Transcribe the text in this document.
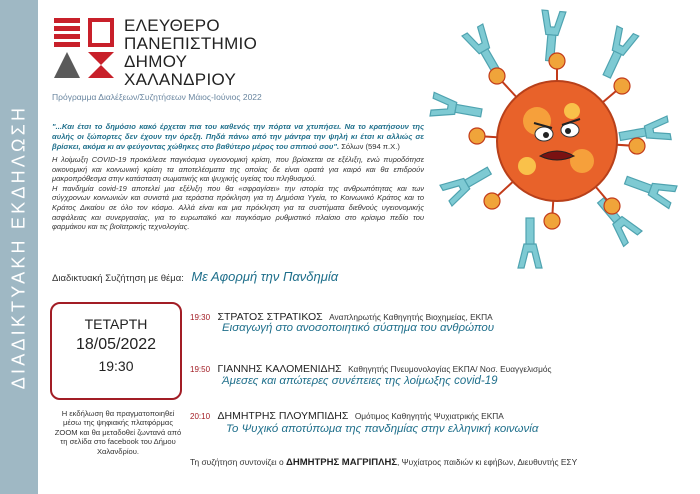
ΔΙΑΔΙΚΤΥΑΚΗ ΕΚΔΗΛΩΣΗ
ΕΛΕΥΘΕΡΟ
ΠΑΝΕΠΙΣΤΗΜΙΟ
ΔΗΜΟΥ
ΧΑΛΑΝΔΡΙΟΥ
Πρόγραμμα Διαλέξεων/Συζητήσεων Μάιος-Ιούνιος 2022
"...Και έτσι το δημόσιο κακό έρχεται πια του καθενός την πόρτα να χτυπήσει. Να το κρατήσουν της αυλής οι ξώπορτες δεν έχουν την όρεξη. Πηδά πάνω από την μάντρα την ψηλή κι έτσι κι αλλιώς σε βρίσκει, ακόμα κι αν φεύγοντας χώθηκες στο βαθύτερο μέρος του σπιτιού σου". Σόλων (594 π.Χ.)

Η λοίμωξη COVID-19 προκάλεσε παγκόσμια υγειονομική κρίση, που βρίσκεται σε εξέλιξη, ενώ πυροδότησε οικονομική και κοινωνική κρίση τα αποτελέσματα της οποίας δε είναι ορατά για καιρό και θα επιδρούν μακροπρόθεσμα στην κατάσταση σωματικής και ψυχικής υγείας του πληθυσμού.

Η πανδημία covid-19 αποτελεί μια εξέλιξη που θα «σφραγίσει» την ιστορία της ανθρωπότητας και των σύγχρονων κοινωνιών και συνιστά μια τεράστια πρόκληση για τη Δημόσια Υγεία, το Κοινωνικό Κράτος και το Κράτος Δικαίου σε όλο τον κόσμο. Αλλά είναι και μια πρόκληση για τα συστήματα διεθνούς υγειονομικής ασφάλειας και συνεργασίας, για το ευρωπαϊκό και παγκόσμιο ρυθμιστικό πλαίσιο στο κρίσιμο πεδίο του φαρμάκου και τις βιοϊατρικής τεχνολογίας.

Διαδικτυακή Συζήτηση με θέμα: Με Αφορμή την Πανδημία
ΤΕΤΑΡΤΗ
18/05/2022
19:30
Η εκδήλωση θα πραγματοποιηθεί μέσω της ψηφιακής πλατφόρμας ZOOM και θα μεταδοθεί ζωντανά από τη σελίδα στο facebook του Δήμου Χαλανδρίου.
19:30 ΣΤΡΑΤΟΣ ΣΤΡΑΤΙΚΟΣ Αναπληρωτής Καθηγητής Βιοχημείας, ΕΚΠΑ
Εισαγωγή στο ανοσοποιητικό σύστημα του ανθρώπου
19:50 ΓΙΑΝΝΗΣ ΚΑΛΟΜΕΝΙΔΗΣ Καθηγητής Πνευμονολογίας ΕΚΠΑ/ Νοσ. Ευαγγελισμός
Άμεσες και απώτερες συνέπειες της λοίμωξης covid-19
20:10 ΔΗΜΗΤΡΗΣ ΠΛΟΥΜΠΙΔΗΣ Ομότιμος Καθηγητής Ψυχιατρικής ΕΚΠΑ
Το Ψυχικό αποτύπωμα της πανδημίας στην ελληνική κοινωνία
Τη συζήτηση συντονίζει ο ΔΗΜΗΤΡΗΣ ΜΑΓΡΙΠΛΗΣ, Ψυχίατρος παιδιών κι εφήβων, Διευθυντής ΕΣΥ
